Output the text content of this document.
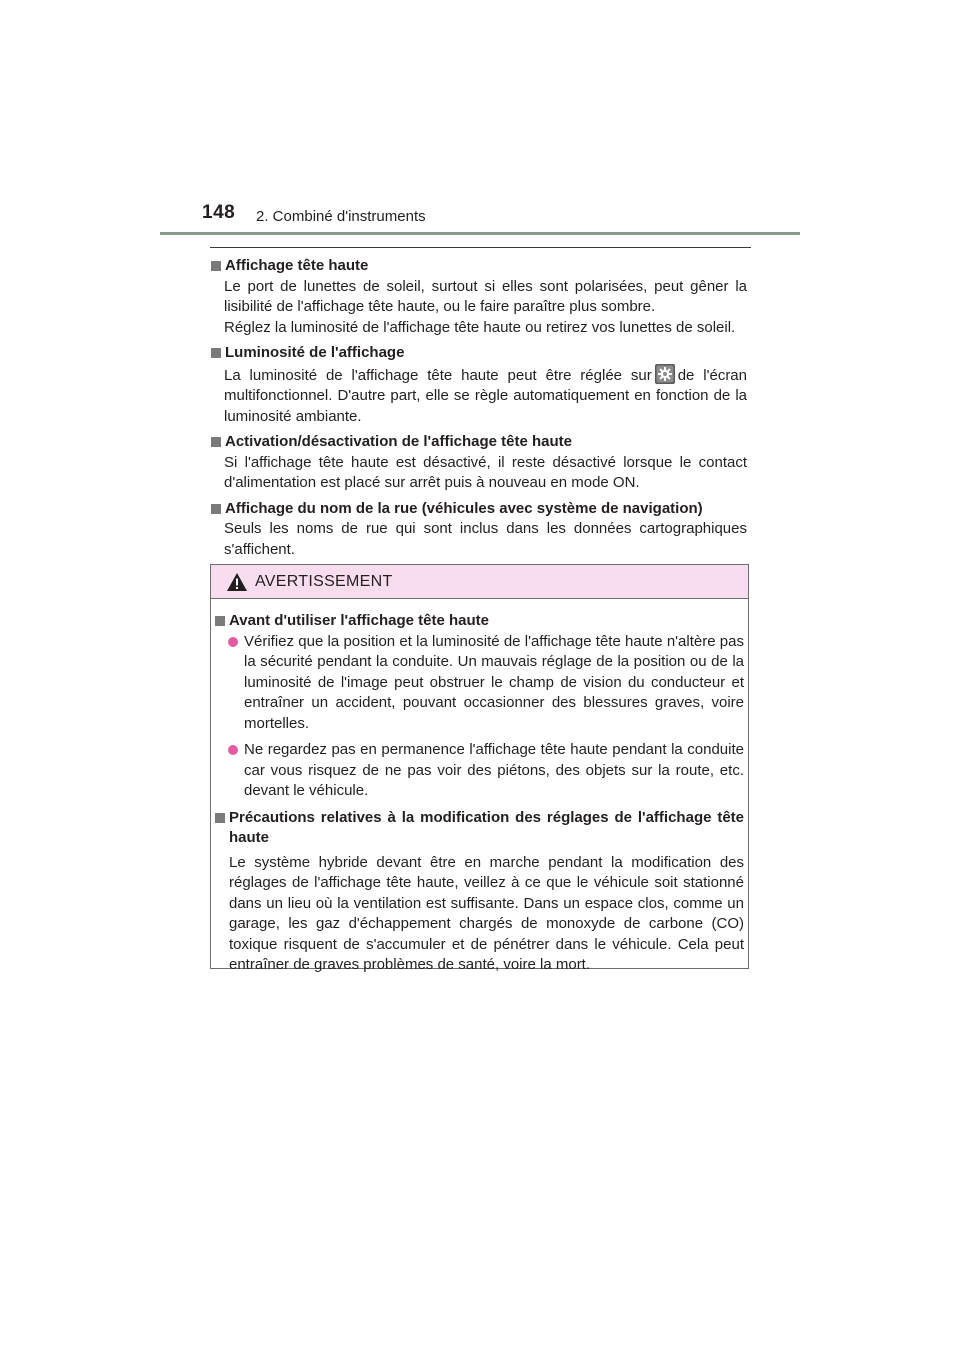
148 2. Combiné d'instruments
Affichage tête haute
Le port de lunettes de soleil, surtout si elles sont polarisées, peut gêner la lisibilité de l'affichage tête haute, ou le faire paraître plus sombre.
Réglez la luminosité de l'affichage tête haute ou retirez vos lunettes de soleil.
Luminosité de l'affichage
La luminosité de l'affichage tête haute peut être réglée sur de l'écran multifonctionnel. D'autre part, elle se règle automatiquement en fonction de la luminosité ambiante.
Activation/désactivation de l'affichage tête haute
Si l'affichage tête haute est désactivé, il reste désactivé lorsque le contact d'alimentation est placé sur arrêt puis à nouveau en mode ON.
Affichage du nom de la rue (véhicules avec système de navigation)
Seuls les noms de rue qui sont inclus dans les données cartographiques s'affichent.
AVERTISSEMENT
Avant d'utiliser l'affichage tête haute
Vérifiez que la position et la luminosité de l'affichage tête haute n'altère pas la sécurité pendant la conduite. Un mauvais réglage de la position ou de la luminosité de l'image peut obstruer le champ de vision du conducteur et entraîner un accident, pouvant occasionner des blessures graves, voire mortelles.
Ne regardez pas en permanence l'affichage tête haute pendant la conduite car vous risquez de ne pas voir des piétons, des objets sur la route, etc. devant le véhicule.
Précautions relatives à la modification des réglages de l'affichage tête haute
Le système hybride devant être en marche pendant la modification des réglages de l'affichage tête haute, veillez à ce que le véhicule soit stationné dans un lieu où la ventilation est suffisante. Dans un espace clos, comme un garage, les gaz d'échappement chargés de monoxyde de carbone (CO) toxique risquent de s'accumuler et de pénétrer dans le véhicule. Cela peut entraîner de graves problèmes de santé, voire la mort.
